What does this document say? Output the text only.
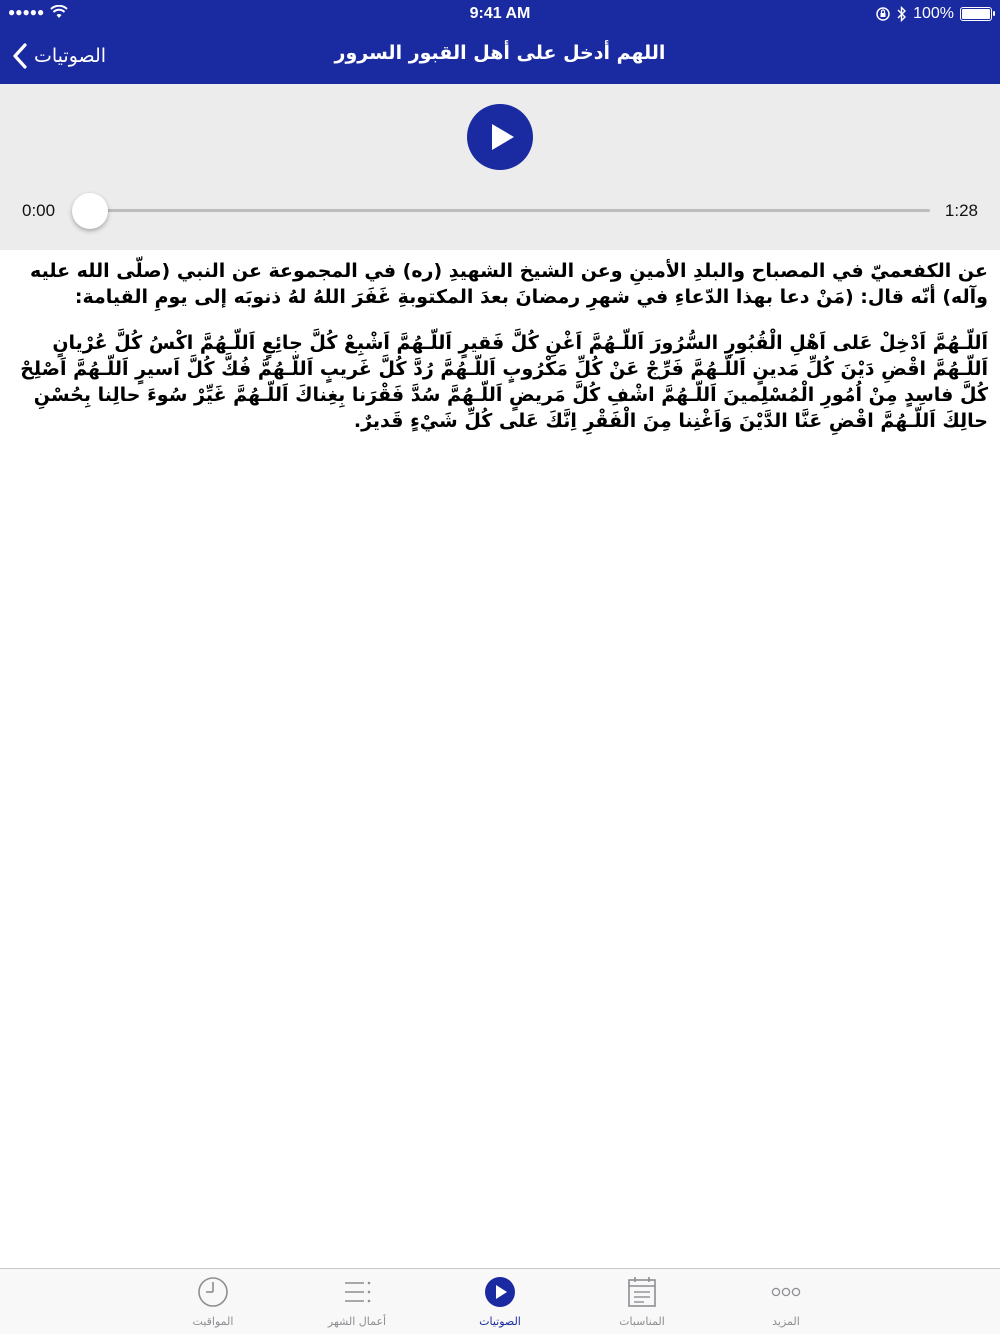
●●●●●	9:41 AM	100%
الصوتيات	اللهم أدخل على أهل القبور السرور
0:00	1:28

عن الكفعميّ في المصباح والبلدِ الأمينِ وعن الشيخ الشهيدِ (ره) في المجموعة عن النبي (صلّى الله عليه وآله) أنّه قال: (مَنْ دعا بهذا الدّعاءِ في شهرِ رمضانَ بعدَ المكتوبةِ غَفَرَ اللهُ لهُ ذنوبَه إلى يومِ القيامة:

اَللّـهُمَّ اَدْخِلْ عَلى اَهْلِ الْقُبُورِ السُّرُورَ اَللّـهُمَّ اَغْنِ كُلَّ فَقيرٍ اَللّـهُمَّ اَشْبِعْ كُلَّ جائِعٍ اَللّـهُمَّ اكْسُ كُلَّ عُرْيانٍ اَللّـهُمَّ اقْضِ دَيْنَ كُلِّ مَدينٍ اَللّـهُمَّ فَرِّجْ عَنْ كُلِّ مَكْرُوبٍ اَللّـهُمَّ رُدَّ كُلَّ غَريبٍ اَللّـهُمَّ فُكَّ كُلَّ اَسيرٍ اَللّـهُمَّ اَصْلِحْ كُلَّ فاسِدٍ مِنْ اُمُورِ الْمُسْلِمينَ اَللّـهُمَّ اشْفِ كُلَّ مَريضٍ اَللّـهُمَّ سُدَّ فَقْرَنا بِغِناكَ اَللّـهُمَّ غَيِّرْ سُوءَ حالِنا بِحُسْنِ حالِكَ اَللّـهُمَّ اقْضِ عَنَّا الدَّيْنَ وَاَغْنِنا مِنَ الْفَقْرِ اِنَّكَ عَلى كُلِّ شَيْءٍ قَديرٌ.

المزيد
المناسبات
الصوتيات
أعمال الشهر
المواقيت
